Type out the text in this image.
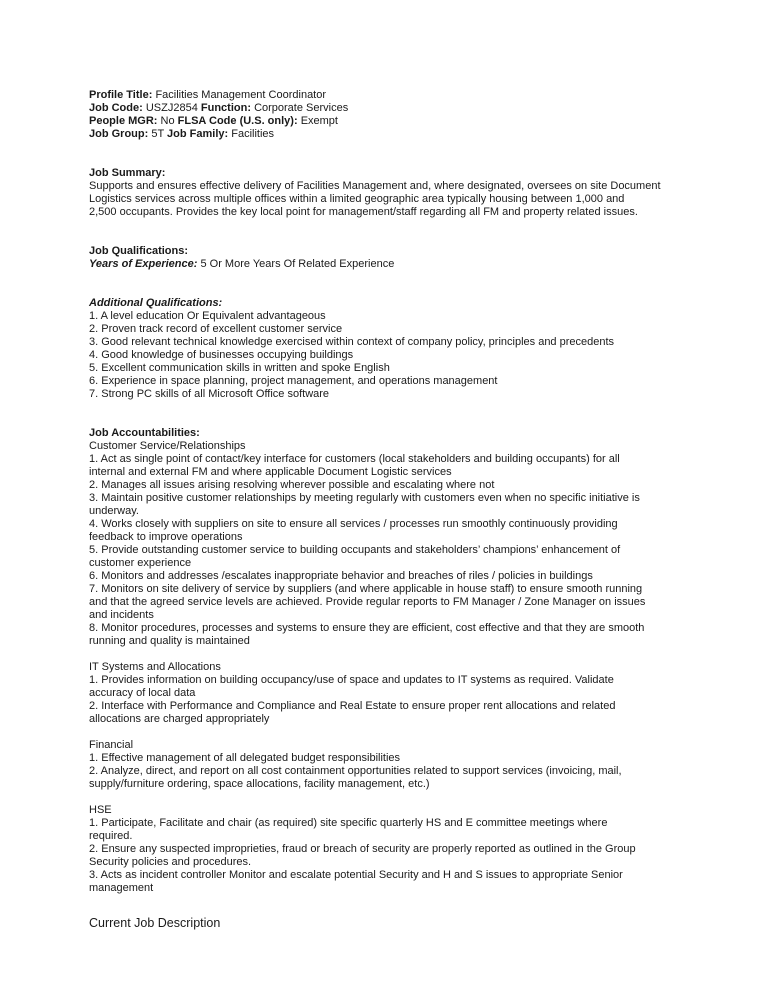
Profile Title: Facilities Management Coordinator
Job Code: USZJ2854 Function: Corporate Services
People MGR: No FLSA Code (U.S. only): Exempt
Job Group: 5T Job Family: Facilities
Job Summary:
Supports and ensures effective delivery of Facilities Management and, where designated, oversees on site Document
Logistics services across multiple offices within a limited geographic area typically housing between 1,000 and
2,500 occupants. Provides the key local point for management/staff regarding all FM and property related issues.
Job Qualifications:
Years of Experience: 5 Or More Years Of Related Experience
Additional Qualifications:
1. A level education Or Equivalent advantageous
2. Proven track record of excellent customer service
3. Good relevant technical knowledge exercised within context of company policy, principles and precedents
4. Good knowledge of businesses occupying buildings
5. Excellent communication skills in written and spoke English
6. Experience in space planning, project management, and operations management
7. Strong PC skills of all Microsoft Office software
Job Accountabilities:
Customer Service/Relationships
1. Act as single point of contact/key interface for customers (local stakeholders and building occupants) for all
internal and external FM and where applicable Document Logistic services
2. Manages all issues arising resolving wherever possible and escalating where not
3. Maintain positive customer relationships by meeting regularly with customers even when no specific initiative is
underway.
4. Works closely with suppliers on site to ensure all services / processes run smoothly continuously providing
feedback to improve operations
5. Provide outstanding customer service to building occupants and stakeholders’ champions’ enhancement of
customer experience
6. Monitors and addresses /escalates inappropriate behavior and breaches of riles / policies in buildings
7. Monitors on site delivery of service by suppliers (and where applicable in house staff) to ensure smooth running
and that the agreed service levels are achieved. Provide regular reports to FM Manager / Zone Manager on issues
and incidents
8. Monitor procedures, processes and systems to ensure they are efficient, cost effective and that they are smooth
running and quality is maintained
IT Systems and Allocations
1. Provides information on building occupancy/use of space and updates to IT systems as required. Validate
accuracy of local data
2. Interface with Performance and Compliance and Real Estate to ensure proper rent allocations and related
allocations are charged appropriately
Financial
1. Effective management of all delegated budget responsibilities
2. Analyze, direct, and report on all cost containment opportunities related to support services (invoicing, mail,
supply/furniture ordering, space allocations, facility management, etc.)
HSE
1. Participate, Facilitate and chair (as required) site specific quarterly HS and E committee meetings where
required.
2. Ensure any suspected improprieties, fraud or breach of security are properly reported as outlined in the Group
Security policies and procedures.
3. Acts as incident controller Monitor and escalate potential Security and H and S issues to appropriate Senior
management
Current Job Description
